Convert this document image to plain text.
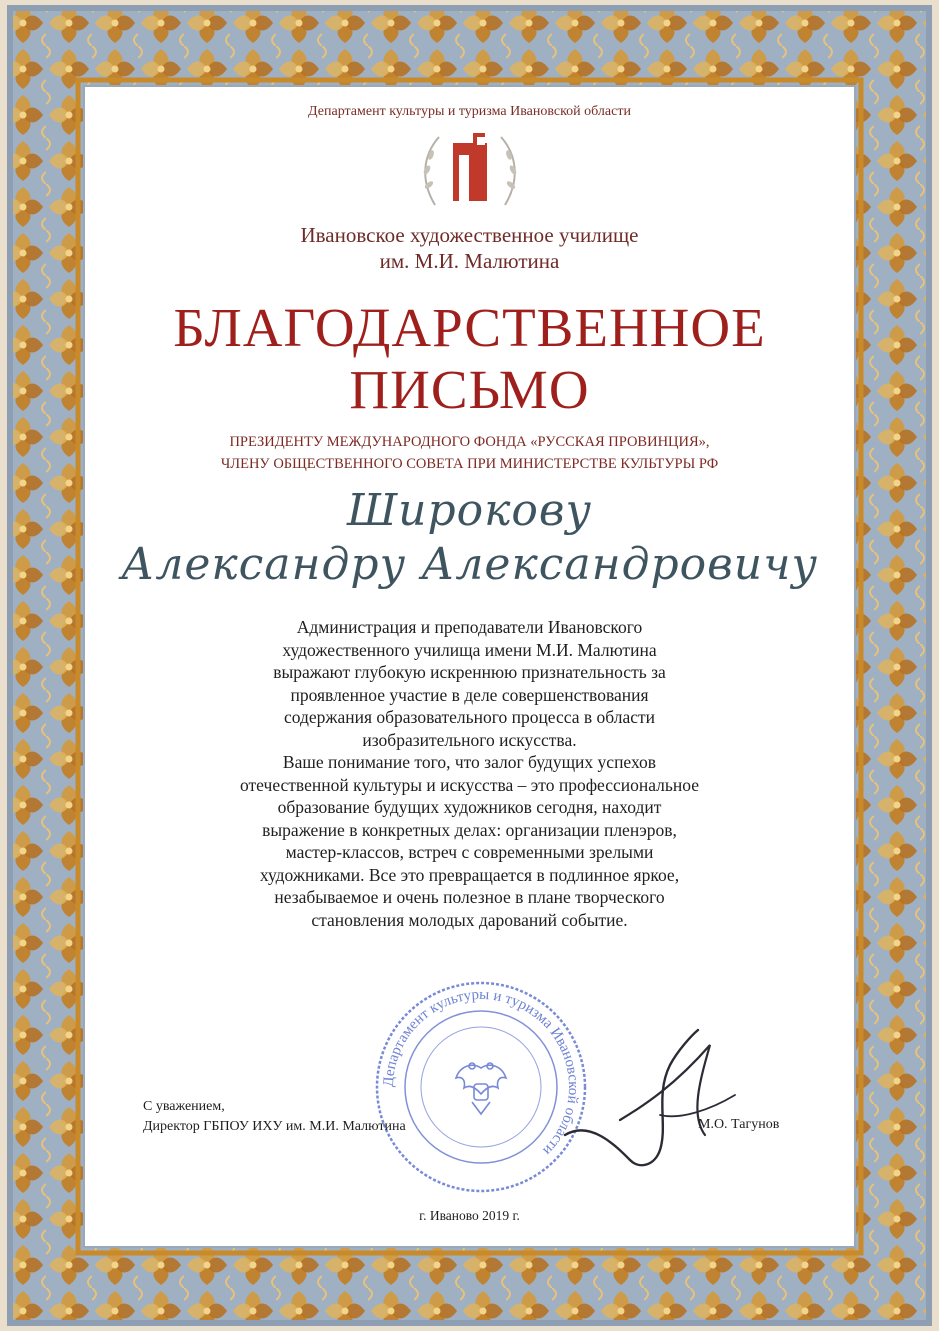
Департамент культуры и туризма Ивановской области
Ивановское художественное училище
им. М.И. Малютина
БЛАГОДАРСТВЕННОЕ
ПИСЬМО
ПРЕЗИДЕНТУ МЕЖДУНАРОДНОГО ФОНДА «РУССКАЯ ПРОВИНЦИЯ»,
ЧЛЕНУ ОБЩЕСТВЕННОГО СОВЕТА ПРИ МИНИСТЕРСТВЕ КУЛЬТУРЫ РФ
Широкову
Александру Александровичу

Администрация и преподаватели Ивановского

художественного училища имени М.И. Малютина

выражают глубокую искреннюю признательность за

проявленное участие в деле совершенствования

содержания образовательного процесса в области

изобразительного искусства.

Ваше понимание того, что залог будущих успехов

отечественной культуры и искусства – это профессиональное

образование будущих художников сегодня, находит

выражение в конкретных делах: организации пленэров,

мастер-классов, встреч с современными зрелыми

художниками. Все это превращается в подлинное яркое,

незабываемое и очень полезное в плане творческого

становления молодых дарований событие.

Департамент культуры и туризма Ивановской области
С уважением,
Директор ГБПОУ ИХУ им. М.И. Малютина	М.О. Тагунов
г. Иваново 2019 г.
